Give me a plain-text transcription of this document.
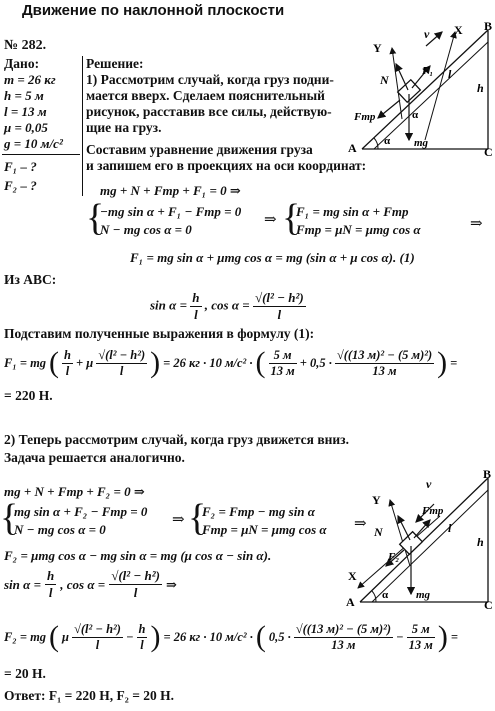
Движение по наклонной плоскости
№ 282.
Дано:
m = 26 кг
h = 5 м
l = 13 м
μ = 0,05
g = 10 м/с²
F₁ – ?
F₂ – ?
Решение:
1) Рассмотрим случай, когда груз подни-
мается вверх. Сделаем пояснительный
рисунок, расставив все силы, действую-
щие на груз.
Составим уравнение движения груза
и запишем его в проекциях на оси координат:
Y
v X B
N
F₁ l
h
Fтр	α
α
A	mg
C
mg + N + Fтр + F₁ = 0 ⇒
{
−mg sin α + F₁ − Fтр = 0
N − mg cos α = 0
⇒ {
F₁ = mg sin α + Fтр
Fтр = μN = μmg cos α	⇒
F₁ = mg sin α + μmg cos α = mg (sin α + μ cos α). (1)
Из ABC:
$\sin \alpha = \frac{h}{l}$ , $\cos \alpha = \frac{\text{√(l² − h²)}}{l}$
Подставим полученные выражения в формулу (1):
F₁ = mg ( $\frac{h}{l} + \mu \frac{\text{√(l² − h²)}}{l}$ ) = 26 кг · 10 м/с² · ( $\frac{5 м}{13 м} + 0,5 \cdot \frac{\text{√((13 м)² − (5 м)²)}}{13 м}$ ) =
= 220 Н.
2) Теперь рассмотрим случай, когда груз движется вниз.
Задача решается аналогично.
mg + N + Fтр + F₂ = 0 ⇒
{
mg sin α + F₂ − Fтр = 0
N − mg cos α = 0
⇒ {
F₂ = Fтр − mg sin α
Fтр = μN = μmg cos α ⇒
F₂ = μmg cos α − mg sin α = mg (μ cos α − sin α).
$\sin \alpha = \frac{h}{l}$ , $\cos \alpha = \frac{\text{√(l² − h²)}}{l}$ ⇒
F₂ = mg ( μ $\frac{\text{√(l² − h²)}}{l} - \frac{h}{l}$ ) = 26 кг · 10 м/с² · ( $0,5 \cdot \frac{\text{√((13 м)² − (5 м)²)}}{13 м} - \frac{5 м}{13 м}$ ) =
= 20 Н.
Ответ: F₁ = 220 Н, F₂ = 20 Н.
Y
v
B
N
Fтр
l
h
F₂
X
α
A	mg
C
